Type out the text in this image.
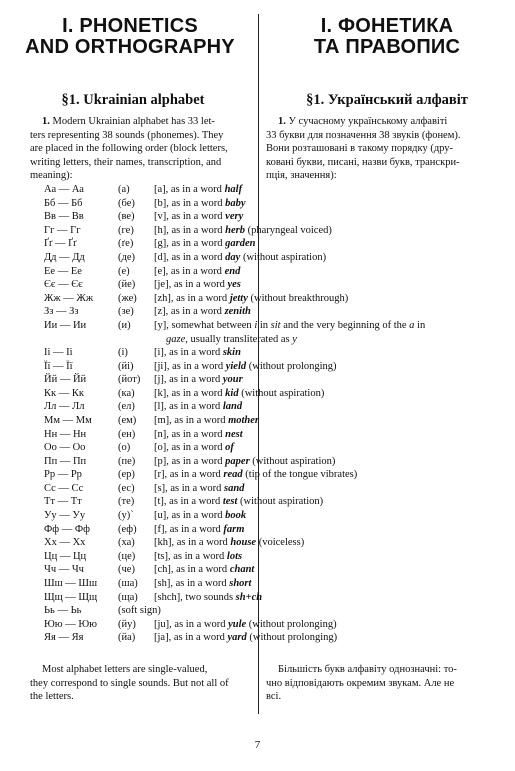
I. PHONETICS
AND ORTHOGRAPHY
I. ФОНЕТИКА
ТА ПРАВОПИС
§1. Ukrainian alphabet	§1. Український алфавіт
1. Modern Ukrainian alphabet has 33 let-
ters representing 38 sounds (phonemes). They
are placed in the following order (block letters,
writing letters, their names, transcription, and
meaning):
1. У сучасному українському алфавіті
33 букви для позначення 38 звуків (фонем).
Вони розташовані в такому порядку (дру-
ковані букви, писані, назви букв, транскри-
пція, значення):
Аа — Аа	(а) [a], as in a word half
Бб — Бб	(бе) [b], as in a word baby
Вв — Вв	(ве) [v], as in a word very
Гг — Гг	(ге) [h], as in a word herb (pharyngeal voiced)
Ґґ — Ґґ	(ґе) [g], as in a word garden
Дд — Дд	(де) [d], as in a word day (without aspiration)
Ее — Ее	(е) [e], as in a word end
Єє — Єє	(йе) [je], as in a word yes
Жж — Жж (же) [zh], as in a word jetty (without breakthrough)
Зз — Зз	(зе) [z], as in a word zenith
Ии — Ии	(и) [y], somewhat between i in sit and the very beginning of the a in
gaze, usually transliterated as y
Іі — Іі	(і) [i], as in a word skin
Її — Її	(йі) [ji], as in a word yield (without prolonging)
Йй — Йй	(йот) [j], as in a word your
Кк — Кк	(ка) [k], as in a word kid (without aspiration)
Лл — Лл	(ел) [l], as in a word land
Мм — Мм	(ем) [m], as in a word mother
Нн — Нн	(ен) [n], as in a word nest
Оо — Оо	(о) [o], as in a word of
Пп — Пп	(пе) [p], as in a word paper (without aspiration)
Рр — Рр	(ер) [r], as in a word read (tip of the tongue vibrates)
Сс — Сс	(ес) [s], as in a word sand
Тт — Тт	(те) [t], as in a word test (without aspiration)
Уу — Уу	(у)` [u], as in a word book
Фф — Фф	(еф) [f], as in a word farm
Хх — Хх	(ха) [kh], as in a word house (voiceless)
Цц — Цц	(це) [ts], as in a word lots
Чч — Чч	(че) [ch], as in a word chant
Шш — Шш (ша) [sh], as in a word short
Щщ — Щщ (ща) [shch], two sounds sh+ch
Ьь — Ьь	(soft sign)
Юю — Юю (йу) [ju], as in a word yule (without prolonging)
Яя — Яя	(йа) [ja], as in a word yard (without prolonging)
Most alphabet letters are single-valued,
they correspond to single sounds. But not all of
the letters.
Більшість букв алфавіту однозначні: то-
чно відповідають окремим звукам. Але не
всі.
7
